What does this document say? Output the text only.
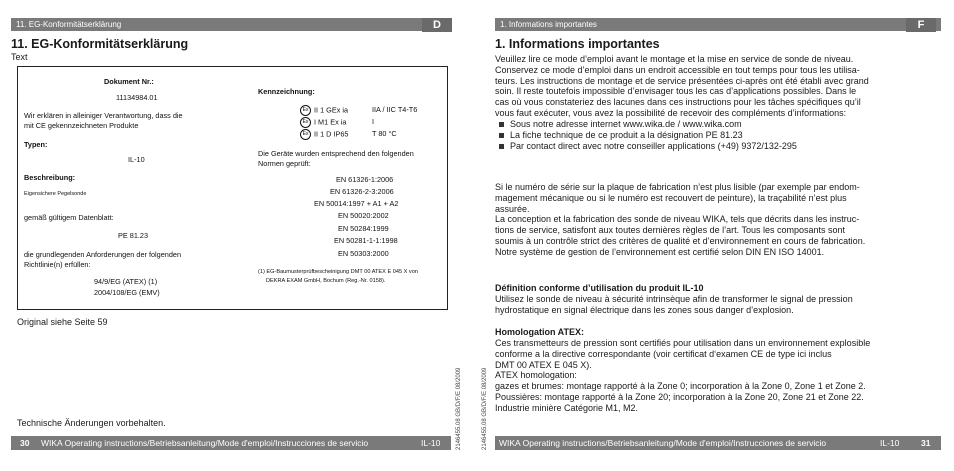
11. EG-Konformitätserklärung	D
11. EG-Konformitätserklärung
Text
Dokument Nr.:
11134984.01
Wir erklären in alleiniger Verantwortung, dass die
mit CE gekennzeichneten Produkte
Typen:
IL-10
Beschreibung:
Eigensichere Pegelsonde
gemäß gültigem Datenblatt:
PE 81.23
die grundlegenden Anforderungen der folgenden
Richtlinie(n) erfüllen:
94/9/EG (ATEX) (1)
2004/108/EG (EMV)
Kennzeichnung:
Ex II 1 GEx ia	IIA / IIC T4-T6
Ex I M1 Ex ia	I
Ex II 1 D IP65	T 80 °C
Die Geräte wurden entsprechend den folgenden
Normen geprüft:
EN 61326-1:2006
EN 61326-2-3:2006
EN 50014:1997 + A1 + A2
EN 50020:2002
EN 50284:1999
EN 50281-1-1:1998
EN 50303:2000
(1) EG-Baumusterprüfbescheinigung DMT 00 ATEX E 045 X von
DEKRA EXAM GmbH, Bochum (Reg.-Nr. 0158).
Original siehe Seite 59
Technische Änderungen vorbehalten.
30 WIKA Operating instructions/Betriebsanleitung/Mode d'emploi/Instrucciones de servicio	IL-10	2146455.08 GB/D/F/E 08/2009	2146455.08 GB/D/F/E 08/2009
1. Informations importantes	F
1. Informations importantes
Veuillez lire ce mode d’emploi avant le montage et la mise en service de sonde de niveau.
Conservez ce mode d’emploi dans un endroit accessible en tout temps pour tous les utilisa-
teurs. Les instructions de montage et de service présentées ci-après ont été établi avec grand
soin. Il reste toutefois impossible d’envisager tous les cas d’applications possibles. Dans le
cas où vous constateriez des lacunes dans ces instructions pour les tâches spécifiques qu’il
vous faut exécuter, vous avez la possibilité de recevoir des compléments d’informations:
Sous notre adresse internet www.wika.de / www.wika.com
La fiche technique de ce produit a la désignation PE 81.23
Par contact direct avec notre conseiller applications (+49) 9372/132-295
Si le numéro de série sur la plaque de fabrication n’est plus lisible (par exemple par endom-
magement mécanique ou si le numéro est recouvert de peinture), la traçabilité n’est plus
assurée.
La conception et la fabrication des sonde de niveau WIKA, tels que décrits dans les instruc-
tions de service, satisfont aux toutes dernières règles de l’art. Tous les composants sont
soumis à un contrôle strict des critères de qualité et d’environnement en cours de fabrication.
Notre système de gestion de l’environnement est certifié selon DIN EN ISO 14001.
Définition conforme d’utilisation du produit IL-10
Utilisez le sonde de niveau à sécurité intrinsèque afin de transformer le signal de pression
hydrostatique en signal électrique dans les zones sous danger d’explosion.
Homologation ATEX:
Ces transmetteurs de pression sont certifiés pour utilisation dans un environnement explosible
conforme a la directive correspondante (voir certificat d‘examen CE de type ici inclus
DMT 00 ATEX E 045 X).
ATEX homologation:
gazes et brumes: montage rapporté à la Zone 0; incorporation à la Zone 0, Zone 1 et Zone 2.
Poussières: montage rapporté à la Zone 20; incorporation à la Zone 20, Zone 21 et Zone 22.
Industrie minière Catégorie M1, M2.
WIKA Operating instructions/Betriebsanleitung/Mode d'emploi/Instrucciones de servicio	IL-10	31
